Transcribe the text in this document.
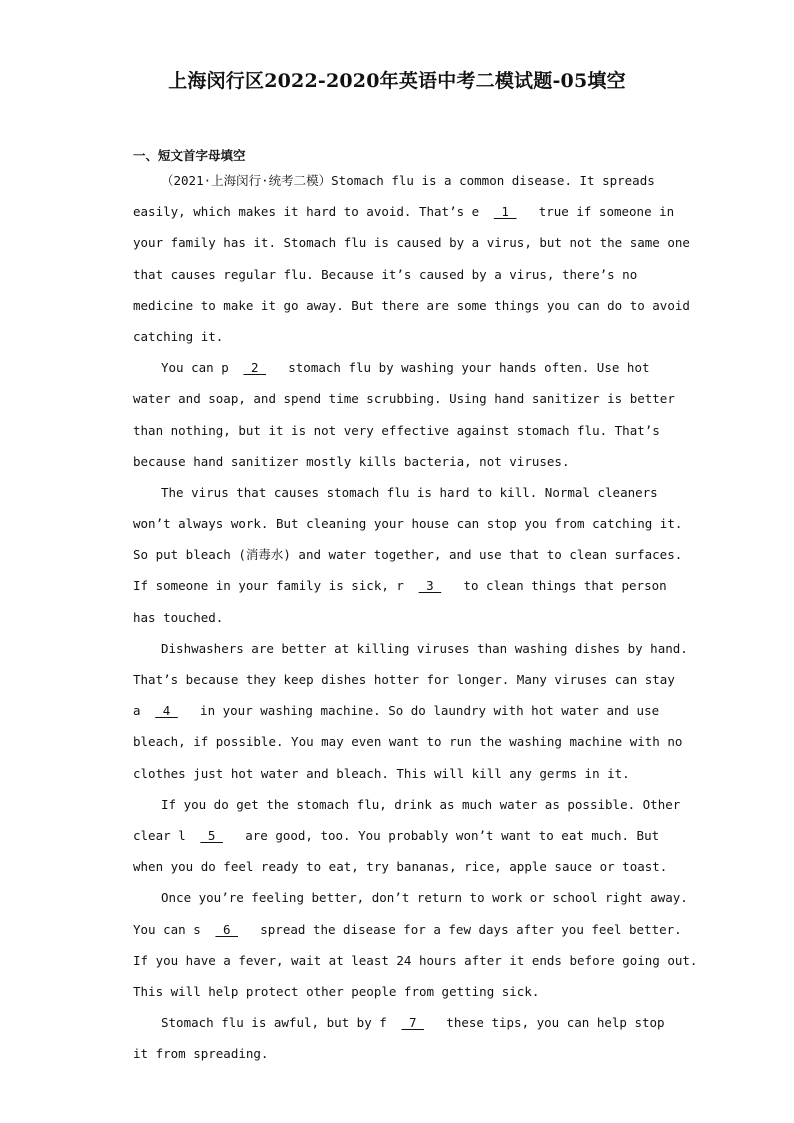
上海闵行区2022-2020年英语中考二模试题-05填空
一、短文首字母填空
（2021·上海闵行·统考二模）Stomach flu is a common disease. It spreads
easily, which makes it hard to avoid. That’s e 1  true if someone in
your family has it. Stomach flu is caused by a virus, but not the same one
that causes regular flu. Because it’s caused by a virus, there’s no
medicine to make it go away. But there are some things you can do to avoid
catching it.
You can p 2  stomach flu by washing your hands often. Use hot
water and soap, and spend time scrubbing. Using hand sanitizer is better
than nothing, but it is not very effective against stomach flu. That’s
because hand sanitizer mostly kills bacteria, not viruses.
The virus that causes stomach flu is hard to kill. Normal cleaners
won’t always work. But cleaning your house can stop you from catching it.
So put bleach (消毒水) and water together, and use that to clean surfaces.
If someone in your family is sick, r 3  to clean things that person
has touched.
Dishwashers are better at killing viruses than washing dishes by hand.
That’s because they keep dishes hotter for longer. Many viruses can stay
a 4  in your washing machine. So do laundry with hot water and use
bleach, if possible. You may even want to run the washing machine with no
clothes just hot water and bleach. This will kill any germs in it.
If you do get the stomach flu, drink as much water as possible. Other
clear l 5  are good, too. You probably won’t want to eat much. But
when you do feel ready to eat, try bananas, rice, apple sauce or toast.
Once you’re feeling better, don’t return to work or school right away.
You can s 6  spread the disease for a few days after you feel better.
If you have a fever, wait at least 24 hours after it ends before going out.
This will help protect other people from getting sick.
Stomach flu is awful, but by f 7  these tips, you can help stop
it from spreading.
